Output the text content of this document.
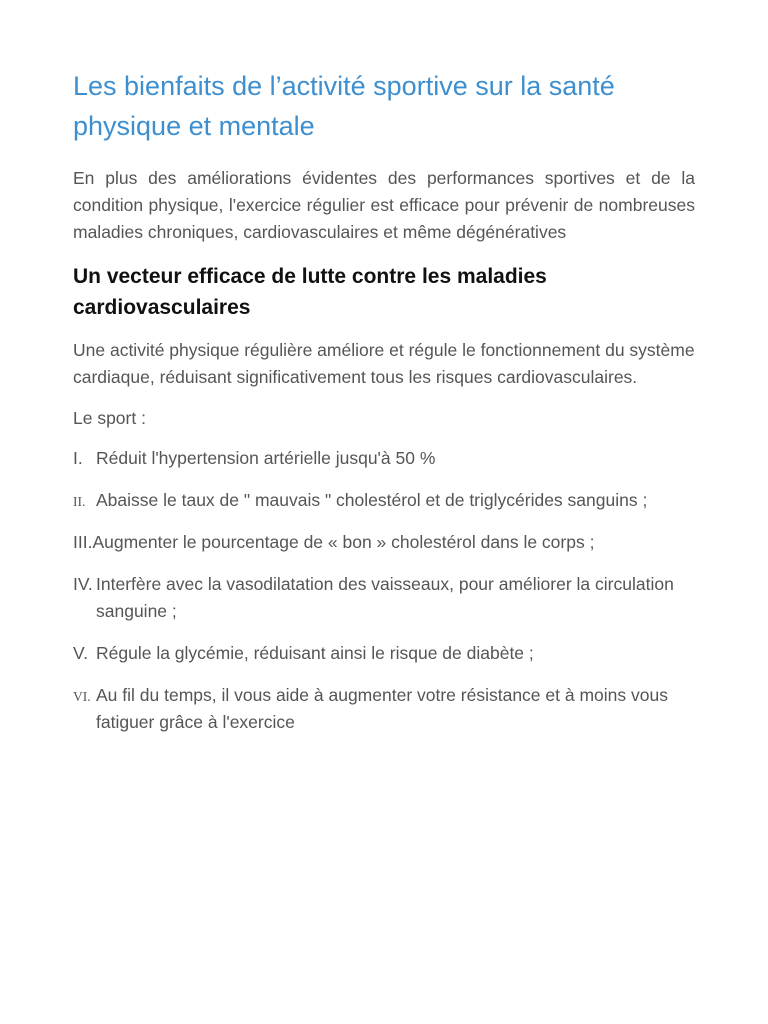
Les bienfaits de l’activité sportive sur la santé physique et mentale

En plus des améliorations évidentes des performances sportives et de la condition physique, l'exercice régulier est efficace pour prévenir de nombreuses maladies chroniques, cardiovasculaires et même dégénératives

Un vecteur efficace de lutte contre les maladies cardiovasculaires

Une activité physique régulière améliore et régule le fonctionnement du système cardiaque, réduisant significativement tous les risques cardiovasculaires.

Le sport :

I. Réduit l'hypertension artérielle jusqu'à 50 %
II. Abaisse le taux de " mauvais " cholestérol et de triglycérides sanguins ;
III.Augmenter le pourcentage de « bon » cholestérol dans le corps ;
IV. Interfère avec la vasodilatation des vaisseaux, pour améliorer la circulation sanguine ;
V. Régule la glycémie, réduisant ainsi le risque de diabète ;
VI. Au fil du temps, il vous aide à augmenter votre résistance et à moins vous fatiguer grâce à l'exercice
